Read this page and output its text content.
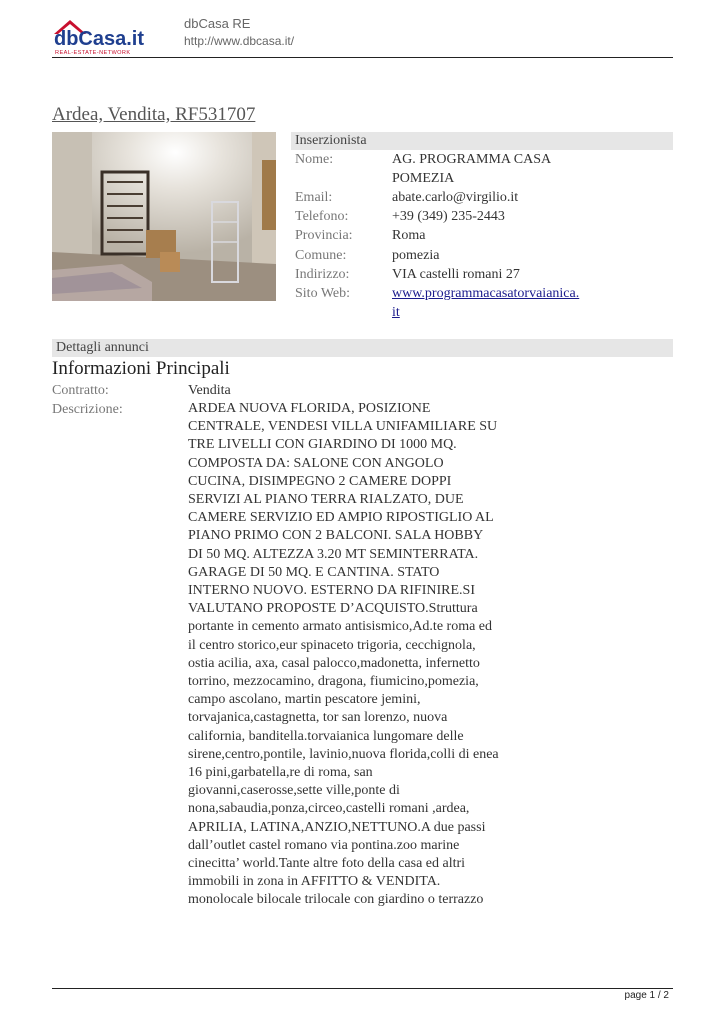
dbCasa.it
REAL-ESTATE-NETWORK
dbCasa RE
http://www.dbcasa.it/
Ardea, Vendita, RF531707
Inserzionista
Nome:	AG. PROGRAMMA CASA POMEZIA
Email:	abate.carlo@virgilio.it
Telefono:	+39 (349) 235-2443
Provincia:	Roma
Comune:	pomezia
Indirizzo:	VIA castelli romani 27
Sito Web:	www.programmacasatorvaianica.it
Dettagli annunci
Informazioni Principali
Contratto:	Vendita
Descrizione:	ARDEA NUOVA FLORIDA, POSIZIONE CENTRALE, VENDESI VILLA UNIFAMILIARE SU TRE LIVELLI CON GIARDINO DI 1000 MQ. COMPOSTA DA: SALONE CON ANGOLO CUCINA, DISIMPEGNO 2 CAMERE DOPPI SERVIZI AL PIANO TERRA RIALZATO, DUE CAMERE SERVIZIO ED AMPIO RIPOSTIGLIO AL PIANO PRIMO CON 2 BALCONI. SALA HOBBY DI 50 MQ. ALTEZZA 3.20 MT SEMINTERRATA. GARAGE DI 50 MQ. E CANTINA. STATO INTERNO NUOVO. ESTERNO DA RIFINIRE.SI VALUTANO PROPOSTE D’ACQUISTO.Struttura portante in cemento armato antisismico,Ad.te roma ed il centro storico,eur spinaceto trigoria, cecchignola, ostia acilia, axa, casal palocco,madonetta, infernetto torrino, mezzocamino, dragona, fiumicino,pomezia, campo ascolano, martin pescatore jemini, torvajanica,castagnetta, tor san lorenzo, nuova california, banditella.torvaianica lungomare delle sirene,centro,pontile, lavinio,nuova florida,colli di enea 16 pini,garbatella,re di roma, san giovanni,caserosse,sette ville,ponte di nona,sabaudia,ponza,circeo,castelli romani ,ardea, APRILIA, LATINA,ANZIO,NETTUNO.A due passi dall’outlet castel romano via pontina.zoo marine cinecitta’ world.Tante altre foto della casa ed altri immobili in zona in AFFITTO & VENDITA. monolocale bilocale trilocale con giardino o terrazzo
page 1 / 2
